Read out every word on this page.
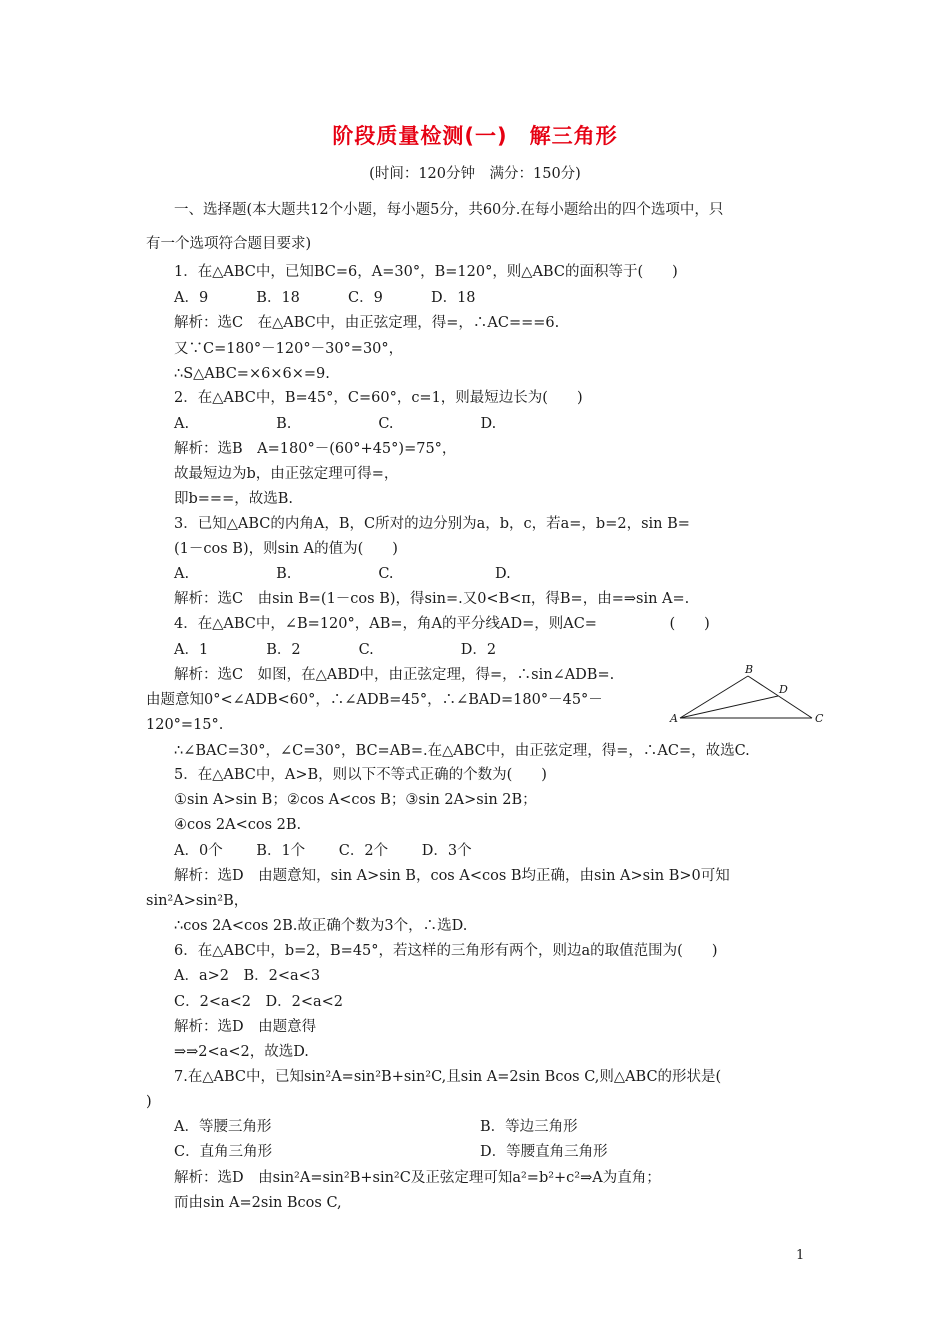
阶段质量检测(一)　解三角形
(时间：120分钟　满分：150分)
一、选择题(本大题共12个小题，每小题5分，共60分.在每小题给出的四个选项中，只
有一个选项符合题目要求)
1．在△ABC中，已知BC=6，A=30°，B=120°，则△ABC的面积等于(　　)
A．9　　　 B．18　　　 C．9　　　 D．18
解析：选C　在△ABC中，由正弦定理，得=，∴AC===6.
又∵C=180°－120°－30°=30°，
∴S△ABC=×6×6×=9.
2．在△ABC中，B=45°，C=60°，c=1，则最短边长为(　　)
A.　　　　　　B.　　　　　　C.　　　　　　D.
解析：选B　A=180°－(60°+45°)=75°，
故最短边为b，由正弦定理可得=，
即b===，故选B.
3．已知△ABC的内角A，B，C所对的边分别为a，b，c，若a=，b=2，sin B=
(1－cos B)，则sin A的值为(　　)
A.　　　　　　B.　　　　　　C.　　　　　　　D.
解析：选C　由sin B=(1－cos B)，得sin=.又0<B<π，得B=，由=⇒sin A=.
4．在△ABC中，∠B=120°，AB=，角A的平分线AD=，则AC=　　　　　(　　)
A．1　　　　B．2　　　　C.　　　　　　D．2
解析：选C　如图，在△ABD中，由正弦定理，得=，∴sin∠ADB=.
由题意知0°<∠ADB<60°，∴∠ADB=45°，∴∠BAD=180°－45°－
120°=15°.
∴∠BAC=30°，∠C=30°，BC=AB=.在△ABC中，由正弦定理，得=，∴AC=，故选C.
5．在△ABC中，A>B，则以下不等式正确的个数为(　　)
①sin A>sin B；②cos A<cos B；③sin 2A>sin 2B；
④cos 2A<cos 2B.
A．0个　　 B．1个　　 C．2个　　 D．3个
解析：选D　由题意知，sin A>sin B，cos A<cos B均正确，由sin A>sin B>0可知
sin²A>sin²B，
∴cos 2A<cos 2B.故正确个数为3个，∴选D.
6．在△ABC中，b=2，B=45°，若这样的三角形有两个，则边a的取值范围为(　　)
A．a>2　B．2<a<3
C．2<a<2　D．2<a<2
解析：选D　由题意得
⇒⇒2<a<2，故选D.
7.在△ABC中，已知sin²A=sin²B+sin²C,且sin A=2sin Bcos C,则△ABC的形状是(
)
A．等腰三角形	B．等边三角形
C．直角三角形	D．等腰直角三角形
解析：选D　由sin²A=sin²B+sin²C及正弦定理可知a²=b²+c²⇒A为直角；
而由sin A=2sin Bcos C,
B
D
A	C
1
